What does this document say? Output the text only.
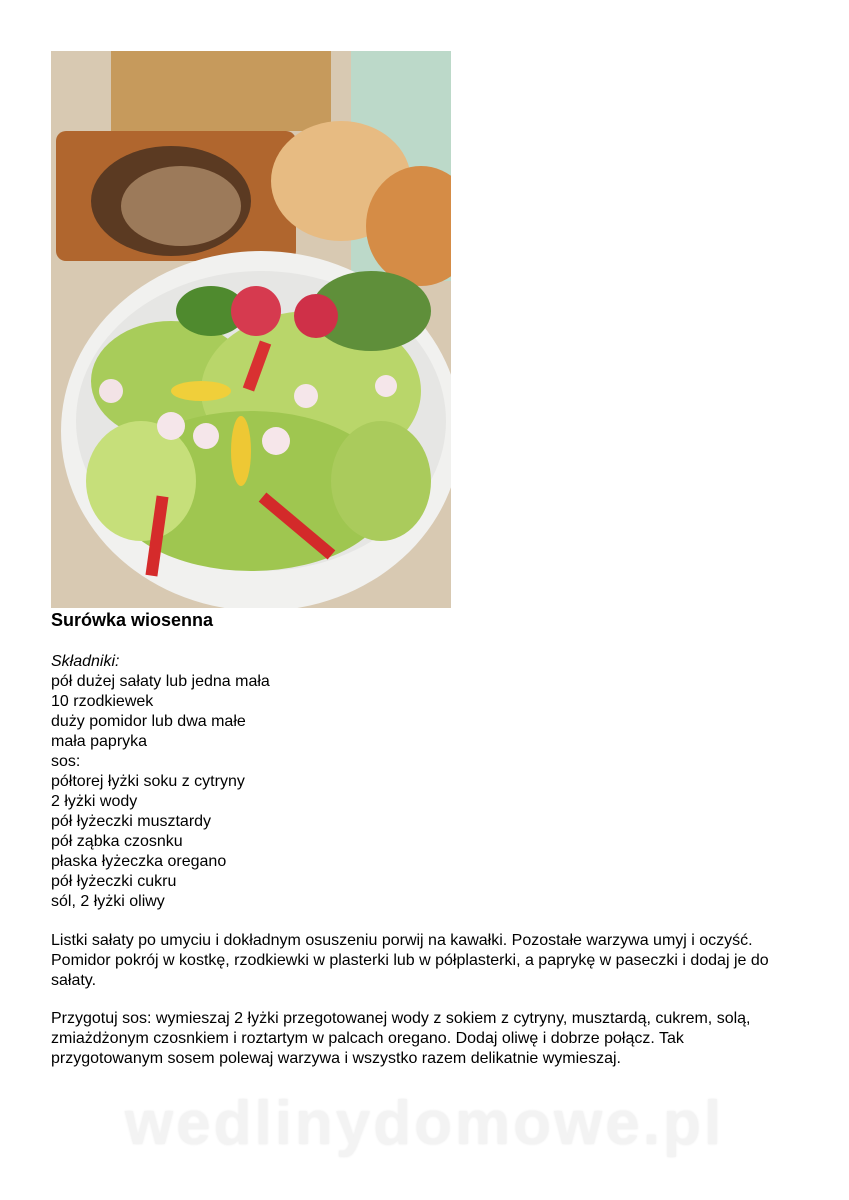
Surówka wiosenna
Składniki:
pół dużej sałaty lub jedna mała
10 rzodkiewek
duży pomidor lub dwa małe
mała papryka
sos:
półtorej łyżki soku z cytryny
2 łyżki wody
pół łyżeczki musztardy
pół ząbka czosnku
płaska łyżeczka oregano
pół łyżeczki cukru
sól, 2 łyżki oliwy

Listki sałaty po umyciu i dokładnym osuszeniu porwij na kawałki. Pozostałe warzywa umyj i oczyść. Pomidor pokrój w kostkę, rzodkiewki w plasterki lub w półplasterki, a paprykę w paseczki i dodaj je do sałaty.

Przygotuj sos: wymieszaj 2 łyżki przegotowanej wody z sokiem z cytryny, musztardą, cukrem, solą, zmiażdżonym czosnkiem i roztartym w palcach oregano. Dodaj oliwę i dobrze połącz. Tak przygotowanym sosem polewaj warzywa i wszystko razem delikatnie wymieszaj.

wedlinydomowe.pl
